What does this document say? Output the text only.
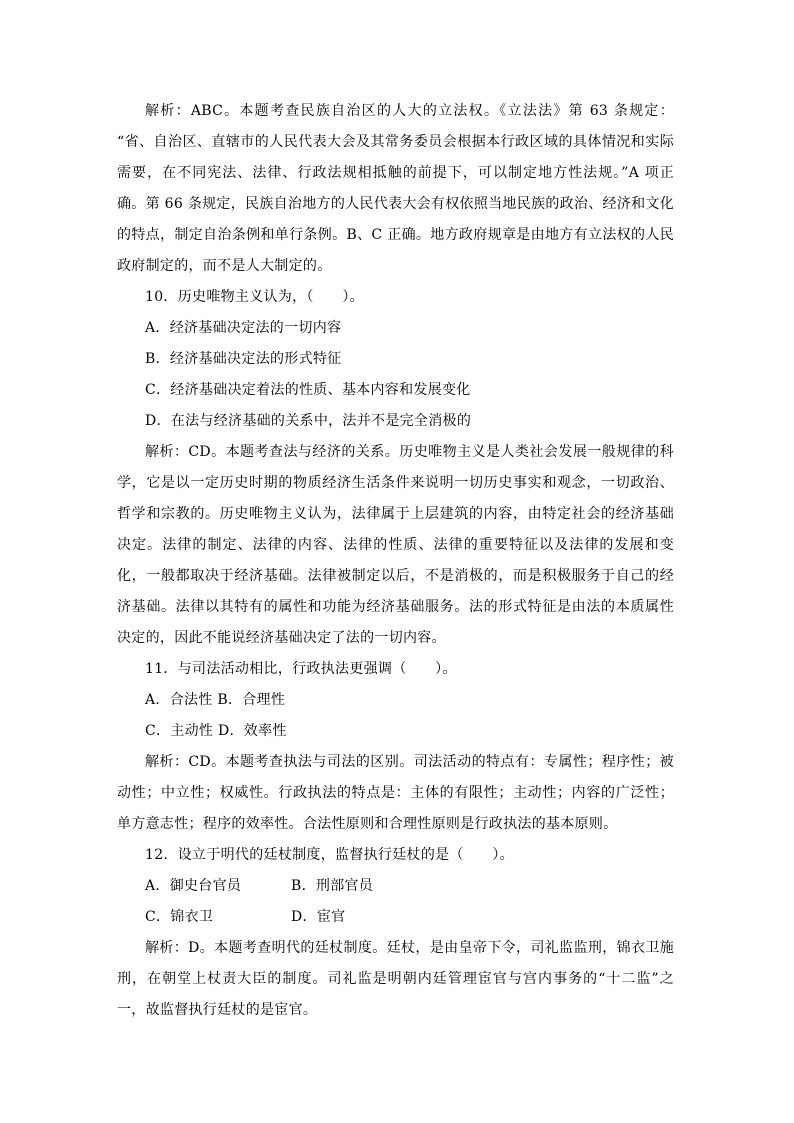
解析：ABC。本题考查民族自治区的人大的立法权。《立法法》第 63 条规定：“省、自治区、直辖市的人民代表大会及其常务委员会根据本行政区域的具体情况和实际需要，在不同宪法、法律、行政法规相抵触的前提下，可以制定地方性法规。”A 项正确。第 66 条规定，民族自治地方的人民代表大会有权依照当地民族的政治、经济和文化的特点，制定自治条例和单行条例。B、C 正确。地方政府规章是由地方有立法权的人民政府制定的，而不是人大制定的。

10．历史唯物主义认为，（　　）。

A．经济基础决定法的一切内容

B．经济基础决定法的形式特征

C．经济基础决定着法的性质、基本内容和发展变化

D．在法与经济基础的关系中，法并不是完全消极的

解析：CD。本题考查法与经济的关系。历史唯物主义是人类社会发展一般规律的科学，它是以一定历史时期的物质经济生活条件来说明一切历史事实和观念，一切政治、哲学和宗教的。历史唯物主义认为，法律属于上层建筑的内容，由特定社会的经济基础决定。法律的制定、法律的内容、法律的性质、法律的重要特征以及法律的发展和变化，一般都取决于经济基础。法律被制定以后，不是消极的，而是积极服务于自己的经济基础。法律以其特有的属性和功能为经济基础服务。法的形式特征是由法的本质属性决定的，因此不能说经济基础决定了法的一切内容。

11．与司法活动相比，行政执法更强调（　　）。

A．合法性 B．合理性

C．主动性 D．效率性

解析：CD。本题考查执法与司法的区别。司法活动的特点有：专属性；程序性；被动性；中立性；权威性。行政执法的特点是：主体的有限性；主动性；内容的广泛性；单方意志性；程序的效率性。合法性原则和合理性原则是行政执法的基本原则。

12．设立于明代的廷杖制度，监督执行廷杖的是（　　）。

A．御史台官员	B．刑部官员

C．锦衣卫	D．宦官

解析：D。本题考查明代的廷杖制度。廷杖，是由皇帝下令，司礼监监刑，锦衣卫施刑，在朝堂上杖责大臣的制度。司礼监是明朝内廷管理宦官与宫内事务的“十二监”之一，故监督执行廷杖的是宦官。
